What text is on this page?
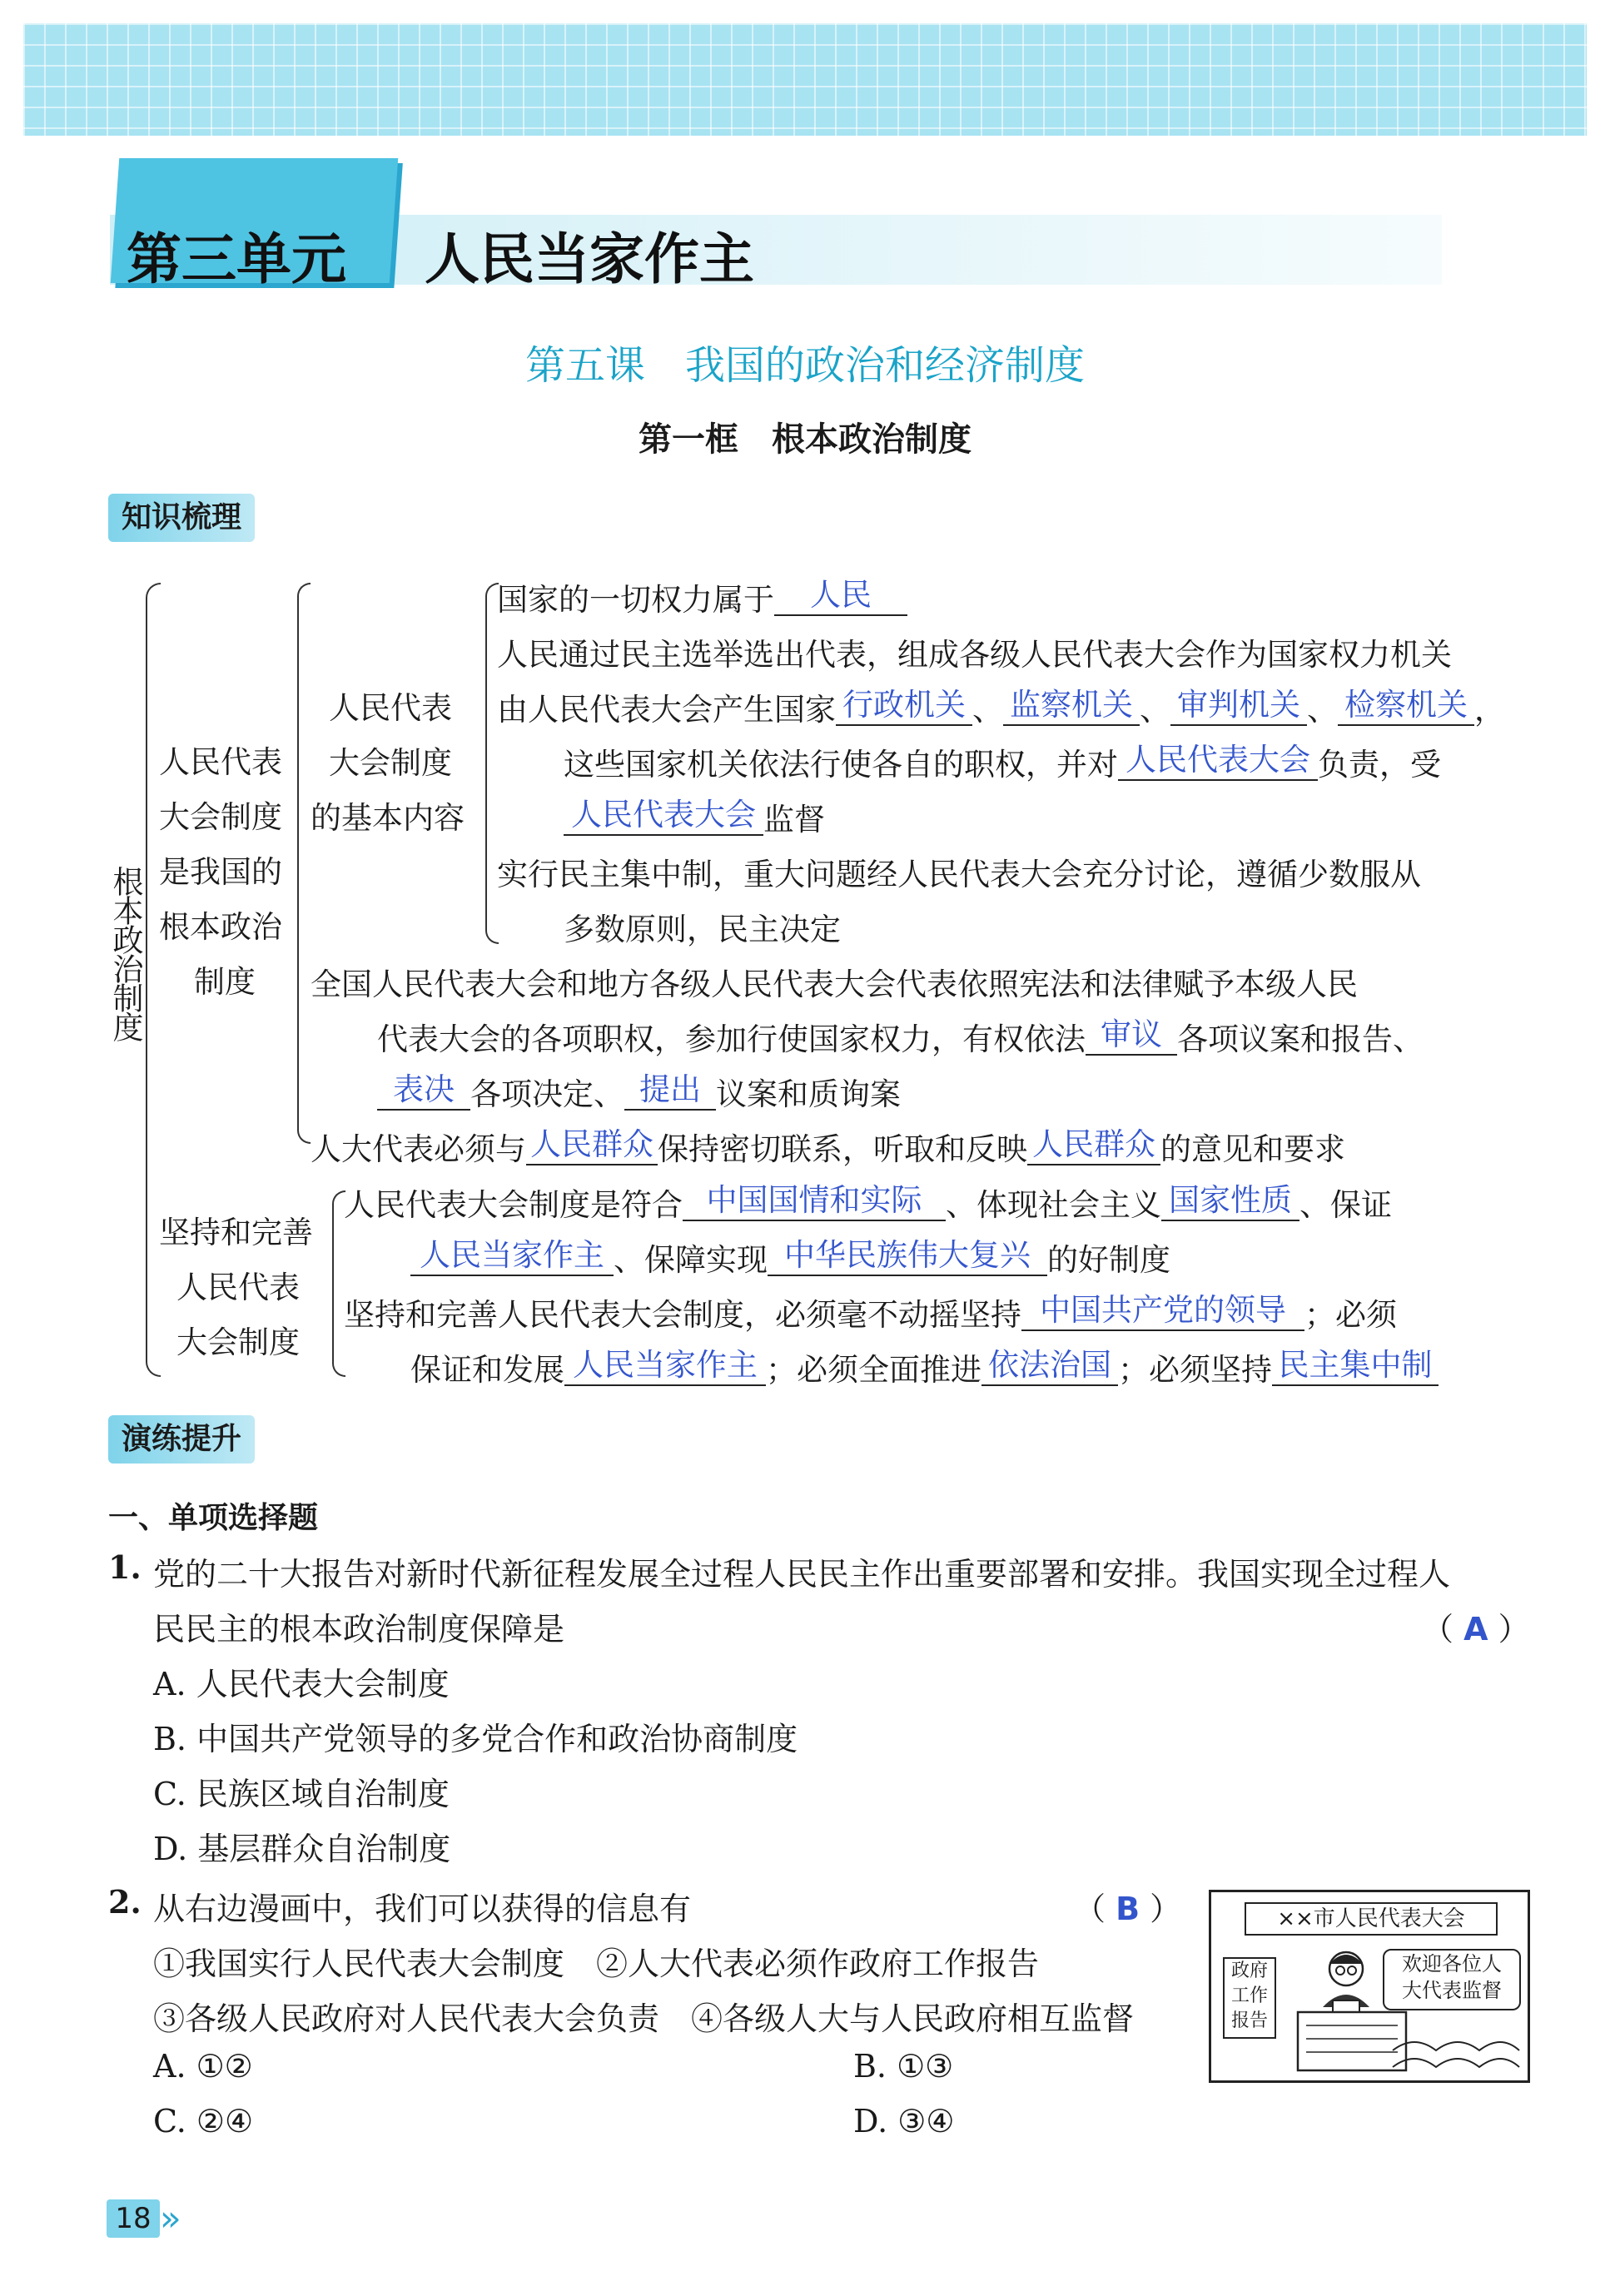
第三单元 人民当家作主
第五课　我国的政治和经济制度
第一框　根本政治制度
知识梳理
根本政治制度
人民代表
大会制度
是我国的
根本政治
制度
人民代表
大会制度
的基本内容
国家的一切权力属于 人民
人民通过民主选举选出代表，组成各级人民代表大会作为国家权力机关
由人民代表大会产生国家 行政机关 、 监察机关 、 审判机关 、 检察机关 ，
这些国家机关依法行使各自的职权，并对 人民代表大会 负责，受
人民代表大会 监督
实行民主集中制，重大问题经人民代表大会充分讨论，遵循少数服从
多数原则，民主决定
全国人民代表大会和地方各级人民代表大会代表依照宪法和法律赋予本级人民
代表大会的各项职权，参加行使国家权力，有权依法 审议 各项议案和报告、
表决 各项决定、 提出 议案和质询案
人大代表必须与 人民群众 保持密切联系，听取和反映 人民群众 的意见和要求
坚持和完善
人民代表
大会制度
人民代表大会制度是符合 中国国情和实际 、体现社会主义 国家性质 、保证
人民当家作主 、保障实现 中华民族伟大复兴 的好制度
坚持和完善人民代表大会制度，必须毫不动摇坚持 中国共产党的领导 ；必须
保证和发展 人民当家作主 ；必须全面推进 依法治国 ；必须坚持 民主集中制
演练提升
一、单项选择题
1. 党的二十大报告对新时代新征程发展全过程人民民主作出重要部署和安排。我国实现全过程人
民民主的根本政治制度保障是	（ A ）
A. 人民代表大会制度
B. 中国共产党领导的多党合作和政治协商制度
C. 民族区域自治制度
D. 基层群众自治制度
2. 从右边漫画中，我们可以获得的信息有	（ B ）
①我国实行人民代表大会制度　②人大代表必须作政府工作报告
③各级人民政府对人民代表大会负责　④各级人大与人民政府相互监督
A. ①②	B. ①③
C. ②④	D. ③④
××市人民代表大会
政府
工作
报告
欢迎各位人
大代表监督
18 »
